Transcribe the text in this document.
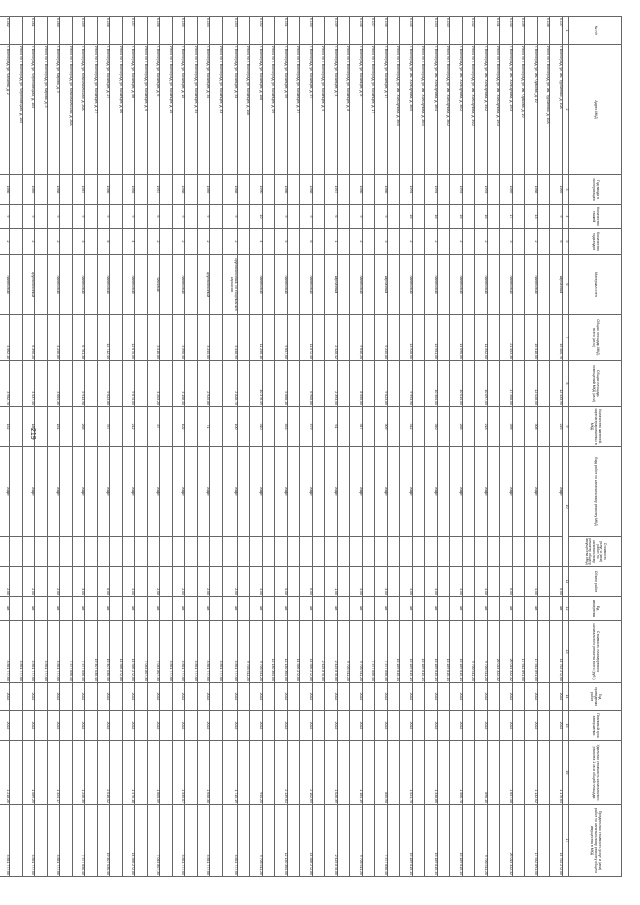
№ п/п	Адрес МКД	Год ввода в эксплуатацию	Количество этажей	Количество подъездов	Материал стен	Общая площадь МКД, всего (кв.м)	Общая площадь помещений МКД (кв.м)	Количество жителей, зарегистрированных в МКД	Вид работ по капитальному ремонту МКД	Стоимость услуг и (или) работ по капитальному ремонту общего имущества МКД	Объем работ	Ед. измерения	Стоимость планируемого капитального ремонта всего (руб.)	Год проведения работ	Плановый срок завершения	Удельная стоимость капитального ремонта 1 кв.м общей площади	Предельная стоимость услуг и (или) работ по капитальному ремонту общего имущества в МКД
1	2	3	4	5	6	7	8	9	10		11	12	13	14	15	16	17
6.137	г. Волгоград, ул. им. Турбинная, д. 10А	1969	9	6	кирпичный	15 405,70	12 433,90	215	лифт		6,00	шт.	14 752 272,00	2022	2022	1 176,64	14 752 272,00
6.138	Итого по г. Волгоград, ул. им. Турбинная, д. 10А																
	г. Волгоград, ул. им. Чуйкова, д. 10	1988	13	2	панельный	15 518,00	12 028,00	308	лифт		4,00	шт.	17 542 891,00	2022	2022	1 132,02	17 542 891,00
6.139	Итого по г. Волгоград, ул. им. Чуйкова, д. 10												17 542 891,00				
6.140	г. Волгоград, ул. им. Хользунова, д. 19/3	1989	17	3	панельный	21 553,30	17 400,00	398	лифт		6,00	шт.	26 014 322,32	2022	2022	1 657,58	26 014 322,32
6.141	Итого по г. Волгоград, ул. им. Хользунова, д. 19/3												26 014 322,32				
	г. Волгоград, ул. им. Хользунова, д. 34/2	1993	16	2	панельный	11 552,00	10 097,00	218	лифт		4,00	шт.	9 700 511,20	2022	2022	896,15	9 700 511,20
6.142	Итого по г. Волгоград, ул. им. Хользунова, д. 34/2												9 700 511,20				
	г. Волгоград, ул. им. Хользунова, д. 36/2	1993	16	2	панельный	14 090,00	10 014,00	288	лифт		4,00	шт.	15 189 815,14	2022	2022	1 506,78	15 189 815,14
6.143	Итого по г. Волгоград, ул. им. Хользунова, д. 36/2												15 189 815,14				
6.144	г. Волгоград, ул. им. Хользунова, д. 36/4	1994	16	2	панельный	13 951,00	10 404,00	340	лифт		4,00	шт.	15 189 815,14	2022	2022	1 338,86	15 189 815,14
	Итого по г. Волгоград, ул. им. Хользунова, д. 36/4												15 189 815,14				
6.145	г. Волгоград, ул. им. Хользунова, д. 36/5	1994	16	2	панельный	13 928,00	9 993,90	312	лифт		4,00	шт.	15 189 815,14	2022	2022	1 521,70	15 189 815,14
	Итого по г. Волгоград, ул. им. Хользунова, д. 36/5												15 189 815,14				
6.146	г. Волгоград, ул. Качинцев, д. 17	1986	9	3	кирпичный	9 245,80	9 623,80	309	лифт		3,00	шт.	7 377 656,40	2022	2022	855,90	7 377 656,40
6.147	Итого по г. Волгоград, ул. Качинцев, д. 17												7 377 656,40				
6.148	г. Волгоград, ул. Качинцев, д. 8	1986	9	2	панельный	9 640,20	8 555,00	347	лифт		4,00	шт.	9 705 511,20	2022	2022	1 164,19	9 705 511,20
	Итого по г. Волгоград, ул. Качинцев, д. 8												9 705 511,20				
6.149	г. Волгоград, ул. Качинцев, д. 4	1957	6	1	кирпичный	2 428,42	2 393,50	61	лифт		1,00	шт.	2 425 878,80	2022	2022	1 026,39	2 425 878,80
	Итого по г. Волгоград, ул. Качинцев, д. 4												2 425 878,80				
6.150	г. Волгоград, ул. Качинцев, д. 37	1988	9	6	панельный	11 872,40	6 905,80	479	лифт		6,00	шт.	14 556 272,80	2022	2022	2 102,69	14 556 272,80
	Итого по г. Волгоград, ул. Качинцев, д. 37												14 556 272,80				
6.151	г. Волгоград, ул. Качинцев, д. 59	1986	9	5	панельный	9 657,60	5 668,10	453	лифт		5,00	шт.	12 130 364,00	2022	2022	2 139,61	12 130 364,00
	Итого по г. Волгоград, ул. Качинцев, д. 59												12 130 364,00				
6.152	г. Волгоград, ул. Качинцев, д. 108	1990	10	4	панельный	11 250,10	10 376,49	310	лифт		4,00	шт.	9 705 511,20	2022	2022	944,25	9 705 511,20
	Итого по г. Волгоград, ул. Качинцев, д. 108												9 705 511,20				
6.153	г. Волгоград, ул. Качинцев, д. 33	1988	9	2	крупноблочный, со сборным ж/б каркасом	3 448,90	2 828,70	100	лифт		2,00	шт.	4 851 777,60	2022	2022	1 715,19	4 851 777,60
	Итого по г. Волгоград, ул. Качинцев, д. 33												4 851 777,60				
6.154	г. Волгоград, ул. Качинцев, д. 34	1989	9	2	крупноблочный	3 245,00	2 925,80	71	лифт		2,00	шт.	4 851 777,60	2022	2022	1 658,30	4 851 777,60
	Итого по г. Волгоград, ул. Качинцев, д. 34												4 851 777,60				
6.155	г. Волгоград, ул. Качинцев, д. 15	1988	9	2	панельный	3 590,40	3 158,40	102	лифт		2,00	шт.	4 851 777,60	2022	2022	1 545,07	4 851 777,60
	Итого по г. Волгоград, ул. Качинцев, д. 15												4 851 777,60				
6.156	г. Волгоград, ул. Качинцев, д. 6	1957	6	2	блочный	3 516,80	4 203,20	87	лифт		2,00	шт.	7 044 807,35	2022	2022	1 605,59	7 044 807,35
	Итого по г. Волгоград, ул. Качинцев, д. 6												7 044 807,35				
6.157	г. Волгоград, ул. Качинцев, д. 86	1985	9	4	панельный	12 670,00	9 674,00	212	лифт		4,00	шт.	14 556 272,80	2022	2022	1 476,18	14 556 272,80
	Итого по г. Волгоград, ул. Качинцев, д. 86												14 556 272,80				
6.158	г. Волгоград, ул. Качинцев, д. 27	1986	9	8	панельный	12 712,40	9 623,80	767	лифт		8,00	шт.	19 407 030,40	2022	2022	2 016,52	19 407 030,40
	Итого по г. Волгоград, ул. Качинцев, д. 27												19 407 030,40				
6.159	г. Волгоград, ул. Комсомольская, д. 20А	1987	9	3	панельный	6 761,38	5 913,98	268	лифт		3,00	шт.	7 377 656,40	2022	2022	1 240,35	7 377 656,40
	Итого по г. Волгоград, ул. Комсомольская, д. 20А												7 377 656,40				
6.160	г. Волгоград, ул. Кирова, д. 3	1988	9	2	панельный	4 246,80	3 664,30	181	лифт		2,00	шт.	4 851 777,60	2022	2022	1 324,17	4 851 777,60
	Итого по г. Волгоград, ул. Кирова, д. 3												4 851 777,60				
6.161	г. Волгоград, ул. Череповецкая, д. 103	1989	9	2	крупноблочный	6 390,20	4 537,40	186	лифт		2,00	шт.	4 851 777,60	2022	2022	1 069,29	4 851 777,60
	Итого по г. Волгоград, ул. Череповецкая, д. 103												4 851 777,60				
6.162	г. Волгоград, ул. Чапаева, д. 2	1986	9	2	панельный	4 562,10	3 982,70	152	лифт		2,00	шт.	4 851 777,60	2022	2022	1 218,26	4 851 777,60

219
